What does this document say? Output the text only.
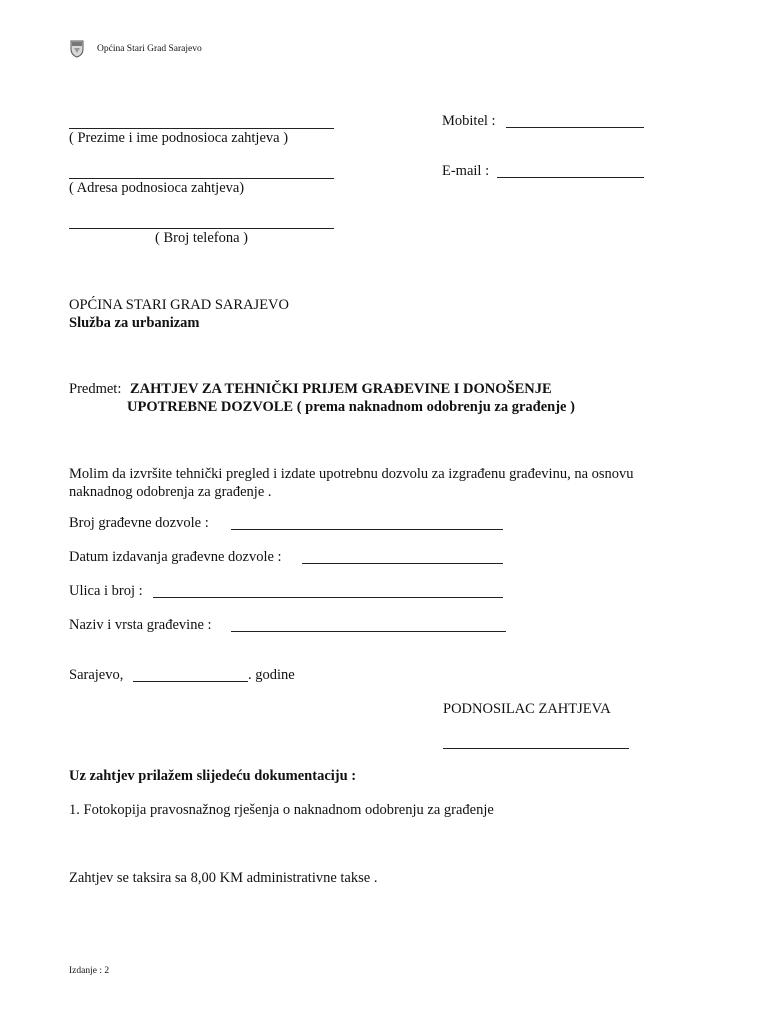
Općina Stari Grad Sarajevo
( Prezime i ime podnosioca zahtjeva )
( Adresa podnosioca zahtjeva)
( Broj telefona )
Mobitel :
E-mail :
OPĆINA STARI GRAD SARAJEVO
Služba za urbanizam
Predmet: ZAHTJEV ZA TEHNIČKI PRIJEM GRAĐEVINE I DONOŠENJE
UPOTREBNE DOZVOLE ( prema naknadnom odobrenju za građenje )
Molim da izvršite tehnički pregled i izdate upotrebnu dozvolu za izgrađenu građevinu, na osnovu
naknadnog odobrenja za građenje .
Broj građevne dozvole :
Datum izdavanja građevne dozvole :
Ulica i broj :
Naziv i vrsta građevine :
Sarajevo,	. godine
PODNOSILAC ZAHTJEVA
Uz zahtjev prilažem slijedeću dokumentaciju :
1. Fotokopija pravosnažnog rješenja o naknadnom odobrenju za građenje
Zahtjev se taksira sa 8,00 KM administrativne takse .
Izdanje : 2
